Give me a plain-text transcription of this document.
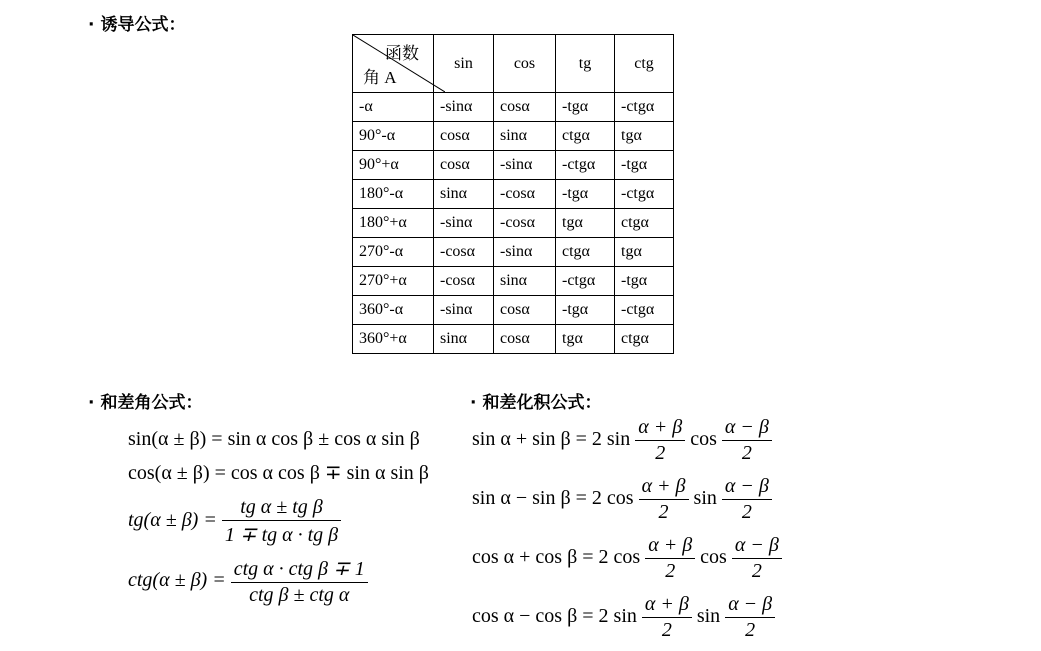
· 诱导公式：
· 和差角公式：	· 和差化积公式：
函数
角 A	sin	cos	tg	ctg
-α	-sinα	cosα	-tgα	-ctgα
90°-α	cosα	sinα	ctgα	tgα
90°+α	cosα	-sinα	-ctgα	-tgα
180°-α	sinα	-cosα	-tgα	-ctgα
180°+α	-sinα	-cosα	tgα	ctgα
270°-α	-cosα	-sinα	ctgα	tgα
270°+α	-cosα	sinα	-ctgα	-tgα
360°-α	-sinα	cosα	-tgα	-ctgα
360°+α	sinα	cosα	tgα	ctgα
sin(α ± β) = sin α cos β ± cos α sin β
cos(α ± β) = cos α cos β ∓ sin α sin β
$tg(\alpha \pm \beta) = \frac{\text{tg α ± tg β}}{\text{1 ∓ tg α · tg β}}$
$ctg(\alpha \pm \beta) = \frac{\text{ctg α · ctg β ∓ 1}}{\text{ctg β ± ctg α}}$
sin α + sin β = 2 $\sin \frac{\alpha + \beta}{2}$ $\cos \frac{\alpha - \beta}{2}$
sin α − sin β = 2 $\cos \frac{\alpha + \beta}{2}$ $\sin \frac{\alpha - \beta}{2}$
cos α + cos β = 2 $\cos \frac{\alpha + \beta}{2}$ $\cos \frac{\alpha - \beta}{2}$
cos α − cos β = 2 $\sin \frac{\alpha + \beta}{2}$ $\sin \frac{\alpha - \beta}{2}$
